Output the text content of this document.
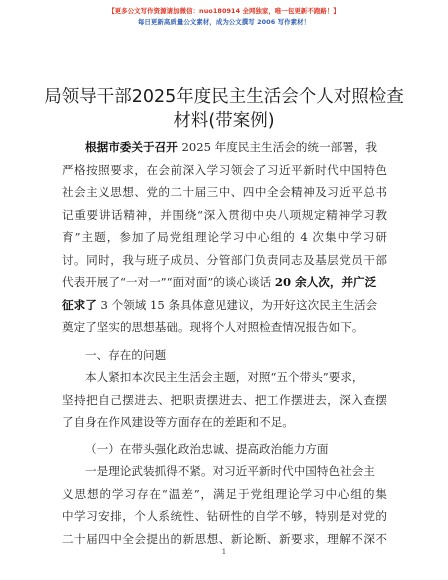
【更多公文写作资源请加微信：nuo180914 全网独家，唯一包更新不跑路！】
每日更新高质量公文素材，成为公文撰写 2006 写作素材！
局领导干部2025年度民主生活会个人对照检查
材料(带案例)
根据市委关于召开 2025 年度民主生活会的统一部署，我
严格按照要求，在会前深入学习领会了习近平新时代中国特色
社会主义思想、党的二十届三中、四中全会精神及习近平总书
记重要讲话精神，并围绕“深入贯彻中央八项规定精神学习教
育”主题，参加了局党组理论学习中心组的 4 次集中学习研
讨。同时，我与班子成员、分管部门负责同志及基层党员干部
代表开展了“一对一”“面对面”的谈心谈话 20 余人次，并广泛
征求了 3 个领域 15 条具体意见建议，为开好这次民主生活会
奠定了坚实的思想基础。现将个人对照检查情况报告如下。
一、存在的问题
本人紧扣本次民主生活会主题，对照“五个带头”要求，
坚持把自己摆进去、把职责摆进去、把工作摆进去，深入查摆
了自身在作风建设等方面存在的差距和不足。
（一）在带头强化政治忠诚、提高政治能力方面
一是理论武装抓得不紧。对习近平新时代中国特色社会主
义思想的学习存在“温差”，满足于党组理论学习中心组的集
中学习安排，个人系统性、钻研性的自学不够，特别是对党的
二十届四中全会提出的新思想、新论断、新要求，理解不深不
1
